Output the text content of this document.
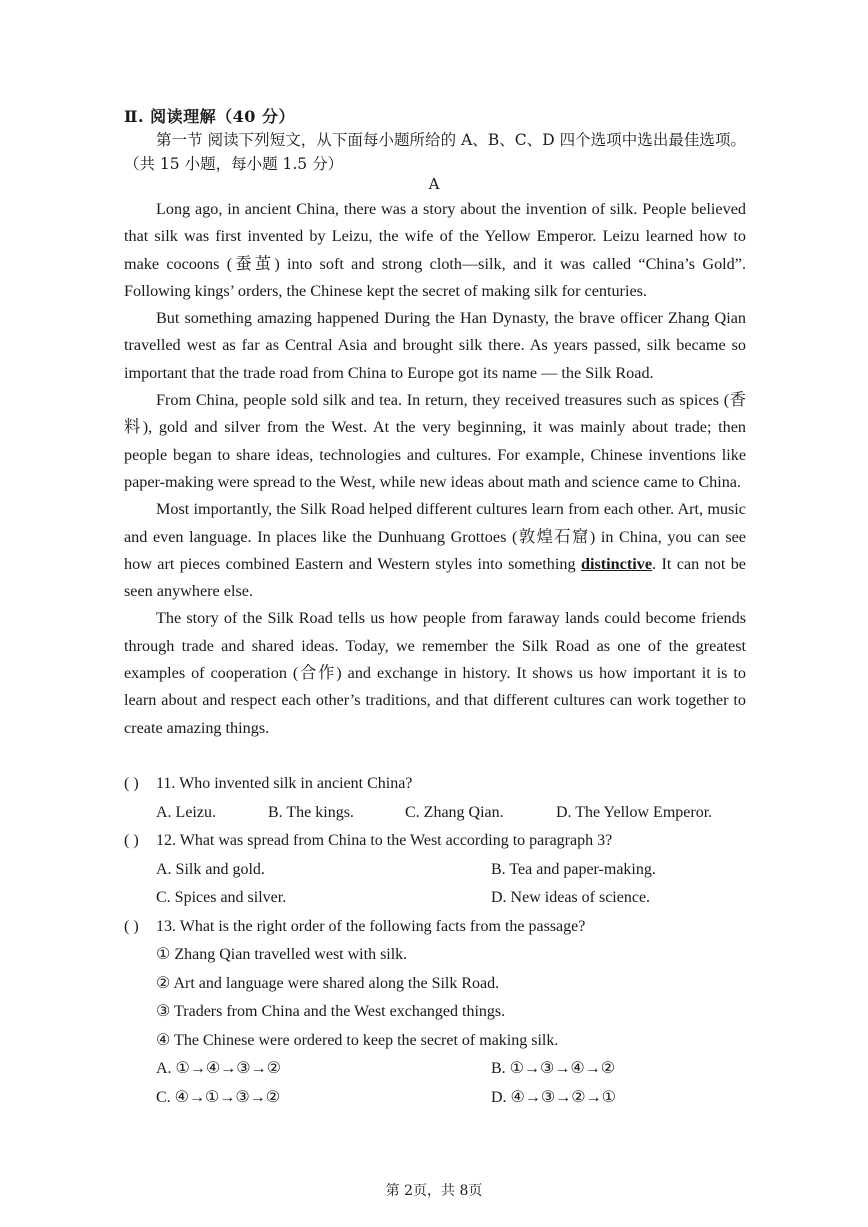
Ⅱ. 阅读理解（40 分）
第一节 阅读下列短文，从下面每小题所给的 A、B、C、D 四个选项中选出最佳选项。（共 15 小题，每小题 1.5 分）
A

Long ago, in ancient China, there was a story about the invention of silk. People believed that silk was first invented by Leizu, the wife of the Yellow Emperor. Leizu learned how to make cocoons (蚕茧) into soft and strong cloth—silk, and it was called “China’s Gold”. Following kings’ orders, the Chinese kept the secret of making silk for centuries.

But something amazing happened During the Han Dynasty, the brave officer Zhang Qian travelled west as far as Central Asia and brought silk there. As years passed, silk became so important that the trade road from China to Europe got its name — the Silk Road.

From China, people sold silk and tea. In return, they received treasures such as spices (香料), gold and silver from the West. At the very beginning, it was mainly about trade; then people began to share ideas, technologies and cultures. For example, Chinese inventions like paper-making were spread to the West, while new ideas about math and science came to China.

Most importantly, the Silk Road helped different cultures learn from each other. Art, music and even language. In places like the Dunhuang Grottoes (敦煌石窟) in China, you can see how art pieces combined Eastern and Western styles into something distinctive. It can not be seen anywhere else.

The story of the Silk Road tells us how people from faraway lands could become friends through trade and shared ideas. Today, we remember the Silk Road as one of the greatest examples of cooperation (合作) and exchange in history. It shows us how important it is to learn about and respect each other’s traditions, and that different cultures can work together to create amazing things.

( ) 11. Who invented silk in ancient China?
A. Leizu.	B. The kings.	C. Zhang Qian.	D. The Yellow Emperor.
( ) 12. What was spread from China to the West according to paragraph 3?
A. Silk and gold.	B. Tea and paper-making.
C. Spices and silver.	D. New ideas of science.
( ) 13. What is the right order of the following facts from the passage?
① Zhang Qian travelled west with silk.
② Art and language were shared along the Silk Road.
③ Traders from China and the West exchanged things.
④ The Chinese were ordered to keep the secret of making silk.
A. ①→④→③→②	B. ①→③→④→②
C. ④→①→③→②	D. ④→③→②→①
第 2页，共 8页
